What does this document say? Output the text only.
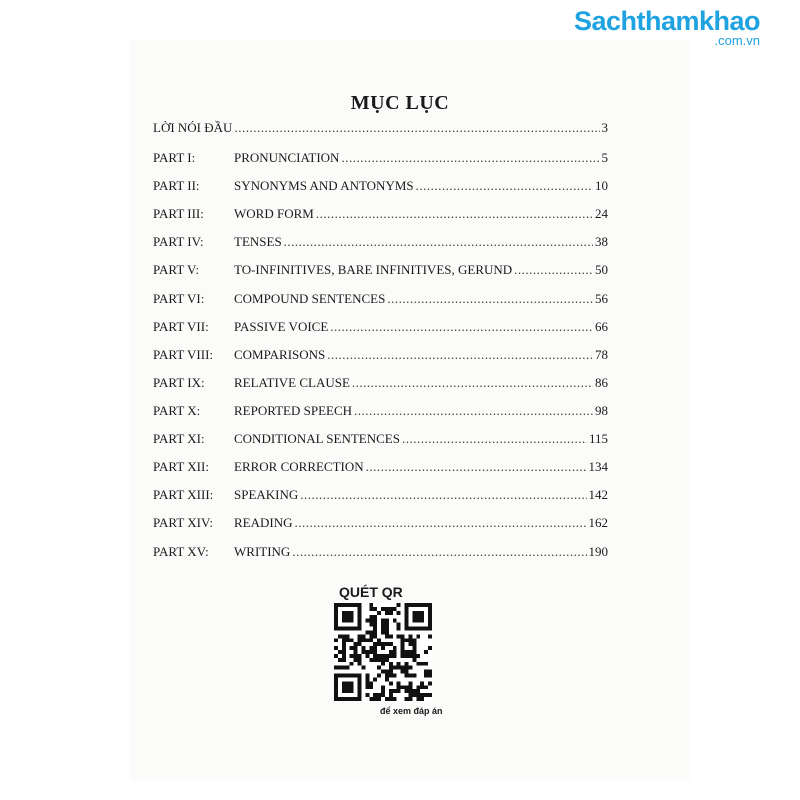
Sachthamkhao
.com.vn
MỤC LỤC
LỜI NÓI ĐẦU .....	3
PART I:	PRONUNCIATION .....	5
PART II:	SYNONYMS AND ANTONYMS .....	10
PART III:	WORD FORM .....	24
PART IV:	TENSES .....	38
PART V:	TO-INFINITIVES, BARE INFINITIVES, GERUND .....	50
PART VI:	COMPOUND SENTENCES .....	56
PART VII:	PASSIVE VOICE .....	66
PART VIII:	COMPARISONS .....	78
PART IX:	RELATIVE CLAUSE .....	86
PART X:	REPORTED SPEECH .....	98
PART XI:	CONDITIONAL SENTENCES .....	115
PART XII:	ERROR CORRECTION .....	134
PART XIII:	SPEAKING .....	142
PART XIV:	READING .....	162
PART XV:	WRITING .....	190
QUÉT QR
để xem đáp án
